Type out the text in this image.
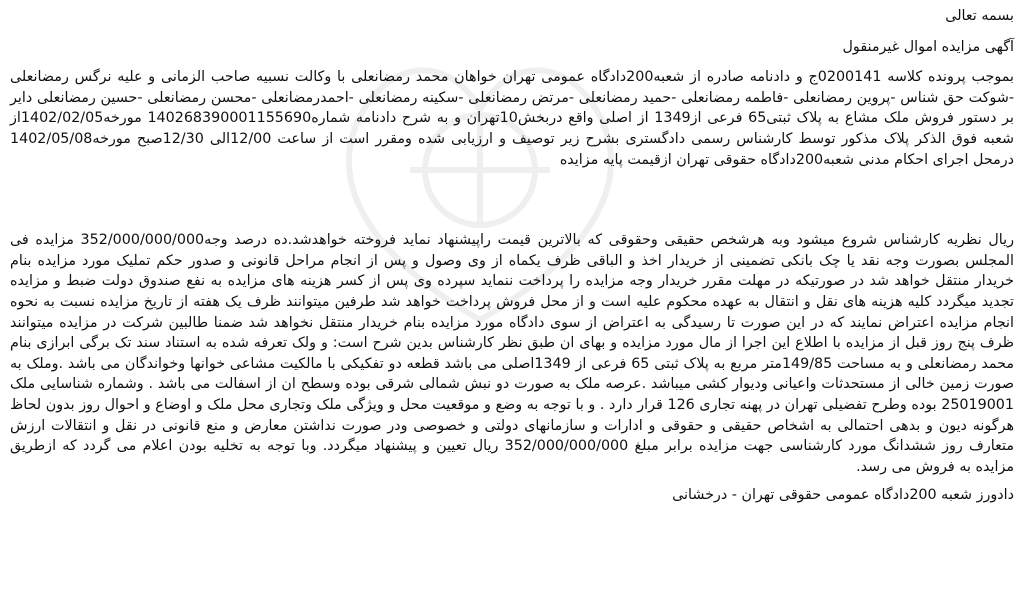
بسمه تعالی
آگهی مزایده اموال غیرمنقول

بموجب پرونده کلاسه 0200141ج و دادنامه صادره از شعبه200دادگاه عمومی تهران خواهان محمد رمضانعلی با وکالت نسبیه صاحب الزمانی و علیه نرگس رمضانعلی -شوکت حق شناس -پروین رمضانعلی -فاطمه رمضانعلی -حمید رمضانعلی -مرتض رمضانعلی -سکینه رمضانعلی -احمدرمضانعلی -محسن رمضانعلی -حسین رمضانعلی دایر بر دستور فروش ملک مشاع به پلاک ثبتی65 فرعی از1349 از اصلی واقع دربخش10تهران و به شرح دادنامه شماره140268390001155690 مورخه1402/02/05از شعبه فوق الذکر پلاک مذکور توسط کارشناس رسمی دادگستری بشرح زیر توصیف و ارزیابی شده ومقرر است از ساعت 12/00الی 12/30صبح مورخه1402/05/08 درمحل اجرای احکام مدنی شعبه200دادگاه حقوقی تهران ازقیمت پایه مزایده

ریال نظریه کارشناس شروع میشود وبه هرشخص حقیقی وحقوقی که بالاترین قیمت راپیشنهاد نماید فروخته خواهدشد.ده درصد وجه352/000/000/000 مزایده فی المجلس بصورت وجه نقد یا چک بانکی تضمینی از خریدار اخذ و الباقی ظرف یکماه از وی وصول و پس از انجام مراحل قانونی و صدور حکم تملیک مورد مزایده بنام خریدار منتقل خواهد شد در صورتیکه در مهلت مقرر خریدار وجه مزایده را پرداخت ننماید سپرده وی پس از کسر هزینه های مزایده به نفع صندوق دولت ضبط و مزایده تجدید میگردد کلیه هزینه های نقل و انتقال به عهده محکوم علیه است و از محل فروش پرداخت خواهد شد طرفین میتوانند ظرف یک هفته از تاریخ مزایده نسبت به نحوه انجام مزایده اعتراض نمایند که در این صورت تا رسیدگی به اعتراض از سوی دادگاه مورد مزایده بنام خریدار منتقل نخواهد شد ضمنا طالبین شرکت در مزایده میتوانند ظرف پنج روز قبل از مزایده با اطلاع این اجرا از مال مورد مزایده و بهای ان طبق نظر کارشناس بدین شرح است: و ولک تعرفه شده به استناد سند تک برگی ابرازی بنام محمد رمضانعلی و به مساحت 149/85متر مربع به پلاک ثبتی 65 فرعی از 1349اصلی می باشد قطعه دو تفکیکی با مالکیت مشاعی خوانها وخواندگان می باشد .وملک به صورت زمین خالی از مستحدثات واعیانی ودیوار کشی میباشد .عرصه ملک به صورت دو نبش شمالی شرقی بوده وسطح ان از اسفالت می باشد . وشماره شناسایی ملک 25019001 بوده وطرح تفضیلی تهران در پهنه تجاری 126 قرار دارد . و با توجه به وضع و موقعیت محل و ویژگی ملک وتجاری محل ملک و اوضاع و احوال روز بدون لحاظ هرگونه دیون و بدهی احتمالی به اشخاص حقیقی و حقوقی و ادارات و سازمانهای دولتی و خصوصی ودر صورت نداشتن معارض و منع قانونی در نقل و انتقالات ارزش متعارف روز ششدانگ مورد کارشناسی جهت مزایده برابر مبلغ 352/000/000/000 ریال تعیین و پیشنهاد میگردد. وبا توجه به تخلیه بودن اعلام می گردد که ازطریق مزایده به فروش می رسد.

دادورز شعبه 200دادگاه عمومی حقوقی تهران - درخشانی
